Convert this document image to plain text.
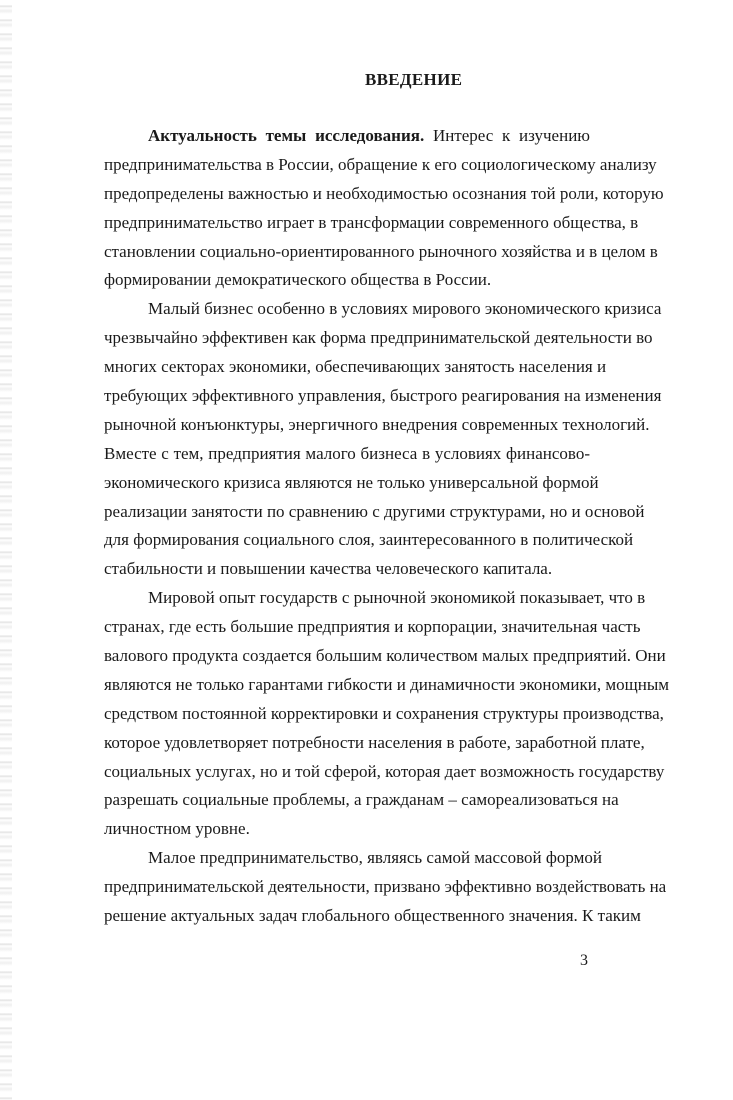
ВВЕДЕНИЕ
Актуальность темы исследования. Интерес к изучению
предпринимательства в России, обращение к его социологическому анализу
предопределены важностью и необходимостью осознания той роли, которую
предпринимательство играет в трансформации современного общества, в
становлении социально-ориентированного рыночного хозяйства и в целом в
формировании демократического общества в России.
Малый бизнес особенно в условиях мирового экономического кризиса
чрезвычайно эффективен как форма предпринимательской деятельности во
многих секторах экономики, обеспечивающих занятость населения и
требующих эффективного управления, быстрого реагирования на изменения
рыночной конъюнктуры, энергичного внедрения современных технологий.
Вместе с тем, предприятия малого бизнеса в условиях финансово-
экономического кризиса являются не только универсальной формой
реализации занятости по сравнению с другими структурами, но и основой
для формирования социального слоя, заинтересованного в политической
стабильности и повышении качества человеческого капитала.
Мировой опыт государств с рыночной экономикой показывает, что в
странах, где есть большие предприятия и корпорации, значительная часть
валового продукта создается большим количеством малых предприятий. Они
являются не только гарантами гибкости и динамичности экономики, мощным
средством постоянной корректировки и сохранения структуры производства,
которое удовлетворяет потребности населения в работе, заработной плате,
социальных услугах, но и той сферой, которая дает возможность государству
разрешать социальные проблемы, а гражданам – самореализоваться на
личностном уровне.
Малое предпринимательство, являясь самой массовой формой
предпринимательской деятельности, призвано эффективно воздействовать на
решение актуальных задач глобального общественного значения. К таким
3
